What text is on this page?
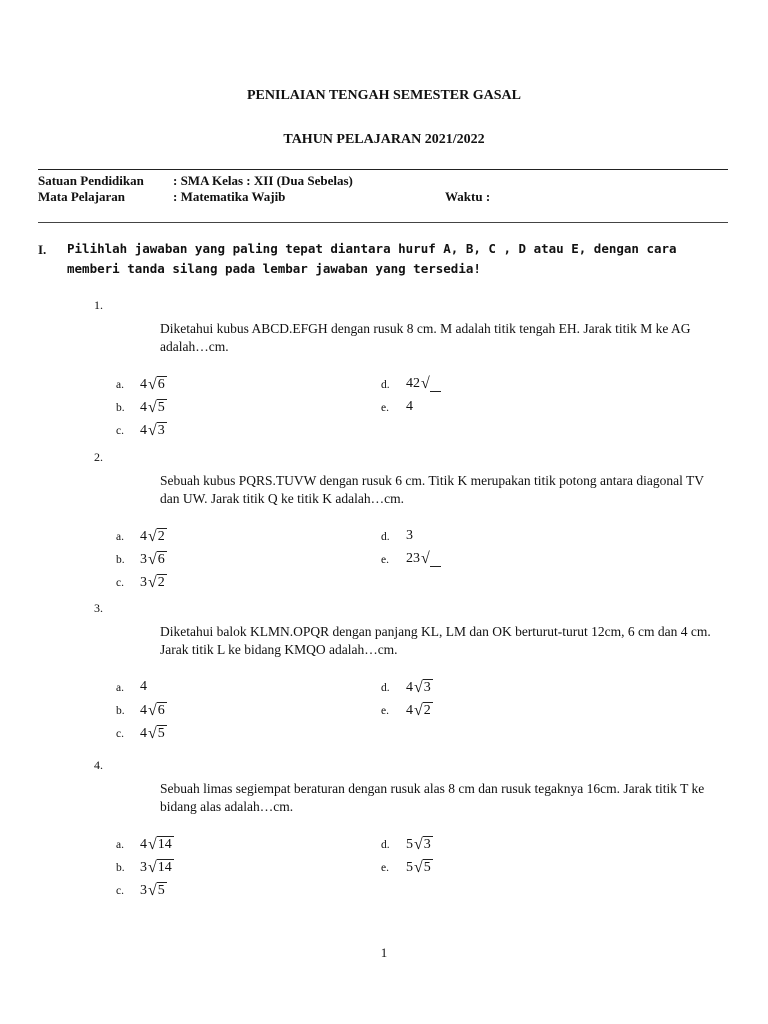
PENILAIAN TENGAH SEMESTER GASAL
TAHUN PELAJARAN 2021/2022
Satuan Pendidikan : SMA Kelas : XII (Dua Sebelas)
Mata Pelajaran	: Matematika Wajib	Waktu :
I. Pilihlah jawaban yang paling tepat diantara huruf A, B, C , D atau E, dengan cara memberi tanda silang pada lembar jawaban yang tersedia!
1.
Diketahui kubus ABCD.EFGH dengan rusuk 8 cm. M adalah titik tengah EH. Jarak titik M ke AG adalah…cm.
a. 4 √ 6
b. 4 √ 5
c. 4 √ 3
d. 42 √
e. 4
2.
Sebuah kubus PQRS.TUVW dengan rusuk 6 cm. Titik K merupakan titik potong antara diagonal TV dan UW. Jarak titik Q ke titik K adalah…cm.
a. 4 √ 2
b. 3 √ 6
c. 3 √ 2
d. 3
e. 23 √
3.
Diketahui balok KLMN.OPQR dengan panjang KL, LM dan OK berturut-turut 12cm, 6 cm dan 4 cm. Jarak titik L ke bidang KMQO adalah…cm.
a. 4
b. 4 √ 6
c. 4 √ 5
d. 4 √ 3
e. 4 √ 2
4.
Sebuah limas segiempat beraturan dengan rusuk alas 8 cm dan rusuk tegaknya 16cm. Jarak titik T ke bidang alas adalah…cm.
a. 4 √ 14
b. 3 √ 14
c. 3 √ 5
d. 5 √ 3
e. 5 √ 5
1
